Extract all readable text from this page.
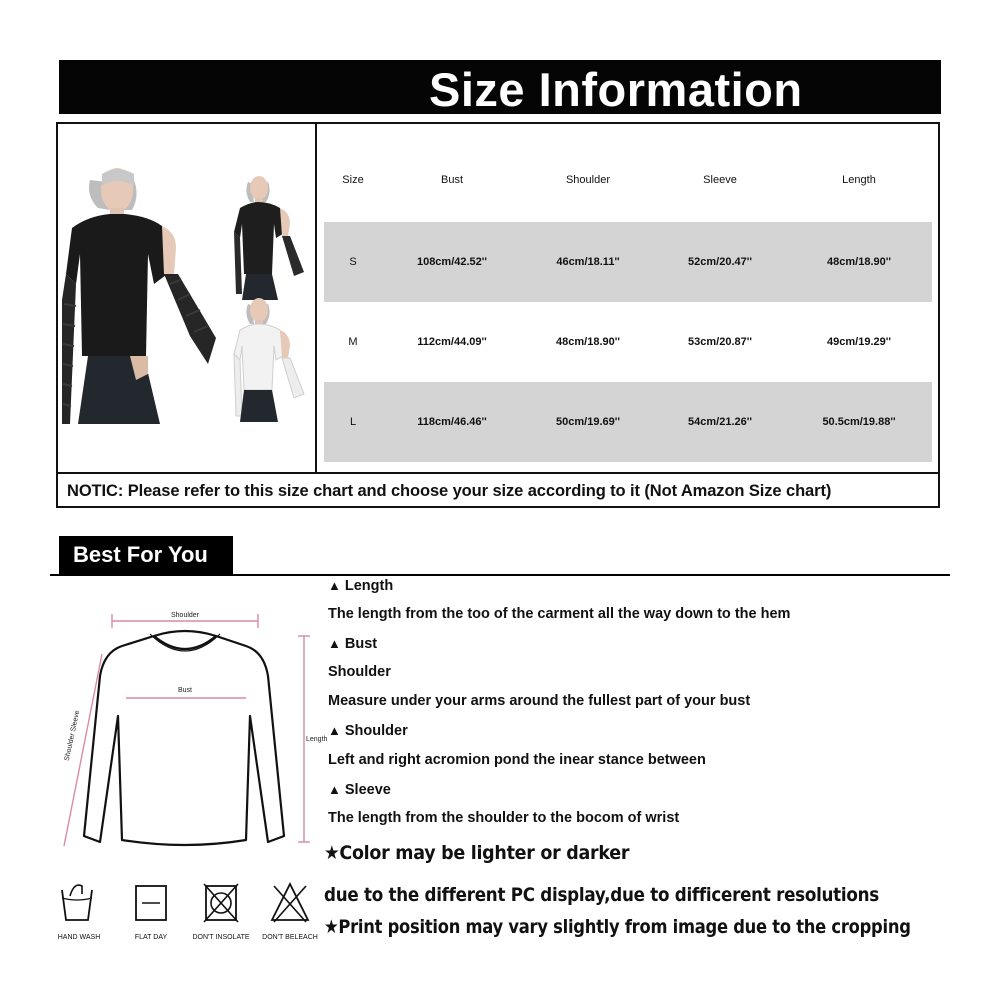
Size Information
Size	Bust	Shoulder	Sleeve	Length
S	108cm/42.52''	46cm/18.11''	52cm/20.47''	48cm/18.90''
M	112cm/44.09''	48cm/18.90''	53cm/20.87''	49cm/19.29''
L	118cm/46.46''	50cm/19.69''	54cm/21.26''	50.5cm/19.88''
NOTIC: Please refer to this size chart and choose your size according to it (Not Amazon Size chart)
Best For You
Shoulder
Bust
Length
Shoulder Sleeve
HAND WASH	FLAT DAY	DON'T INSOLATE DON'T BELEACH
▲ Length
The length from the too of the carment all the way down to the hem
▲ Bust
Shoulder
Measure under your arms around the fullest part of your bust
▲ Shoulder
Left and right acromion pond the inear stance between
▲ Sleeve
The length from the shoulder to the bocom of wrist
★Color may be lighter or darker
due to the different PC display,due to difficerent resolutions
★Print position may vary slightly from image due to the cropping
